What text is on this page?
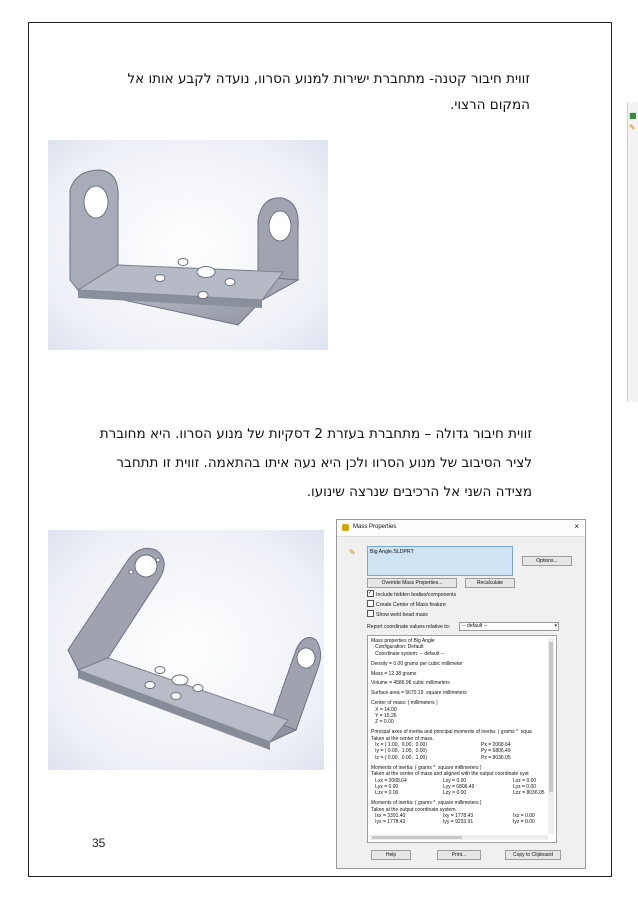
זווית חיבור קטנה- מתחברת ישירות למנוע הסרוו, נועדה לקבע אותו אל המקום הרצוי.
זווית חיבור גדולה – מתחברת בעזרת 2 דסקיות של מנוע הסרוו. היא מחוברת לציר הסיבוב של מנוע הסרוו ולכן היא נעה איתו בהתאמה. זווית זו תתחבר מצידה השני אל הרכיבים שנרצה שינועו.
Mass Properties	×
✎	Big Angle.SLDPRT
Options...
Override Mass Properties...	Recalculate
✓Include hidden bodies/components
Create Center of Mass feature
Show weld bead mass
Report coordinate values relative to:	-- default --	▾
Mass properties of Big Angle
Configuration: Default
Coordinate system: -- default --
Density = 0.00 grams per cubic millimeter
Mass = 12.38 grams
Volume = 4586.96 cubic millimeters
Surface area = 5670.19  square millimeters
Center of mass: ( millimeters )
X = 14.00
Y = 15.26
Z = 0.00
Principal axes of inertia and principal moments of inertia: ( grams *  squa
Taken at the center of mass.
Ix = ( 1.00,  0.00,  0.00)	Px = 2068.64
Iy = ( 0.00,  1.00,  0.00)	Py = 6806.49
Iz = ( 0.00,  0.00,  1.00)	Pz = 8036.05
Moments of inertia: ( grams *  square millimeters )
Taken at the center of mass and aligned with the output coordinate syst
Lxx = 2068.64	Lxy = 0.00	Lxz = 0.00
Lyx = 0.00	Lyy = 6806.49	Lyz = 0.00
Lzx = 0.00	Lzy = 0.00	Lzz = 8036.05
Moments of inertia: ( grams *  square millimeters )
Taken at the output coordinate system.
Ixx = 3391.40	Ixy = 1778.43	Ixz = 0.00
Iyx = 1778.43	Iyy = 9233.91	Iyz = 0.00
Help	Print...	Copy to Clipboard
■
✎
35
